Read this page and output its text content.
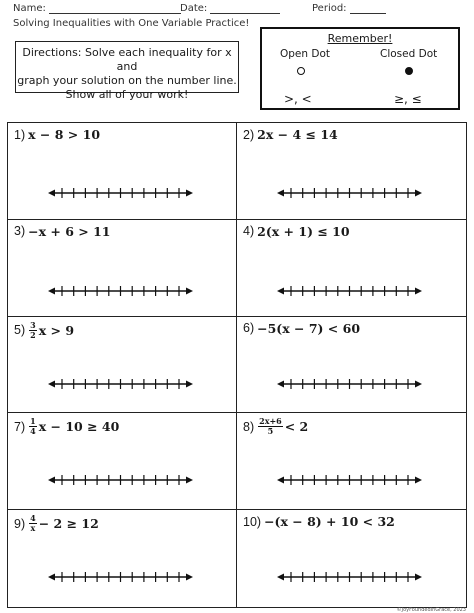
Name:	Date:	Period:
Solving Inequalities with One Variable Practice!
Directions: Solve each inequality for x and
graph your solution on the number line.
Show all of your work!
Remember!
Open Dot	Closed Dot
>, <	≥, ≤
1) x − 8 > 10	2) 2x − 4 ≤ 14
3) −x + 6 > 11	4) 2(x + 1) ≤ 10
$5) \frac{3}{2}$ x > 9	6) −5(x − 7) < 60
$7) \frac{1}{4}$ x − 10 ≥ 40	$8) \frac{2x+6}{5} < 2$
$9) \frac{4}{x} - 2 \ge 12$	10) −(x − 8) + 10 < 32
©JoyFoundedInGrace, 2023
